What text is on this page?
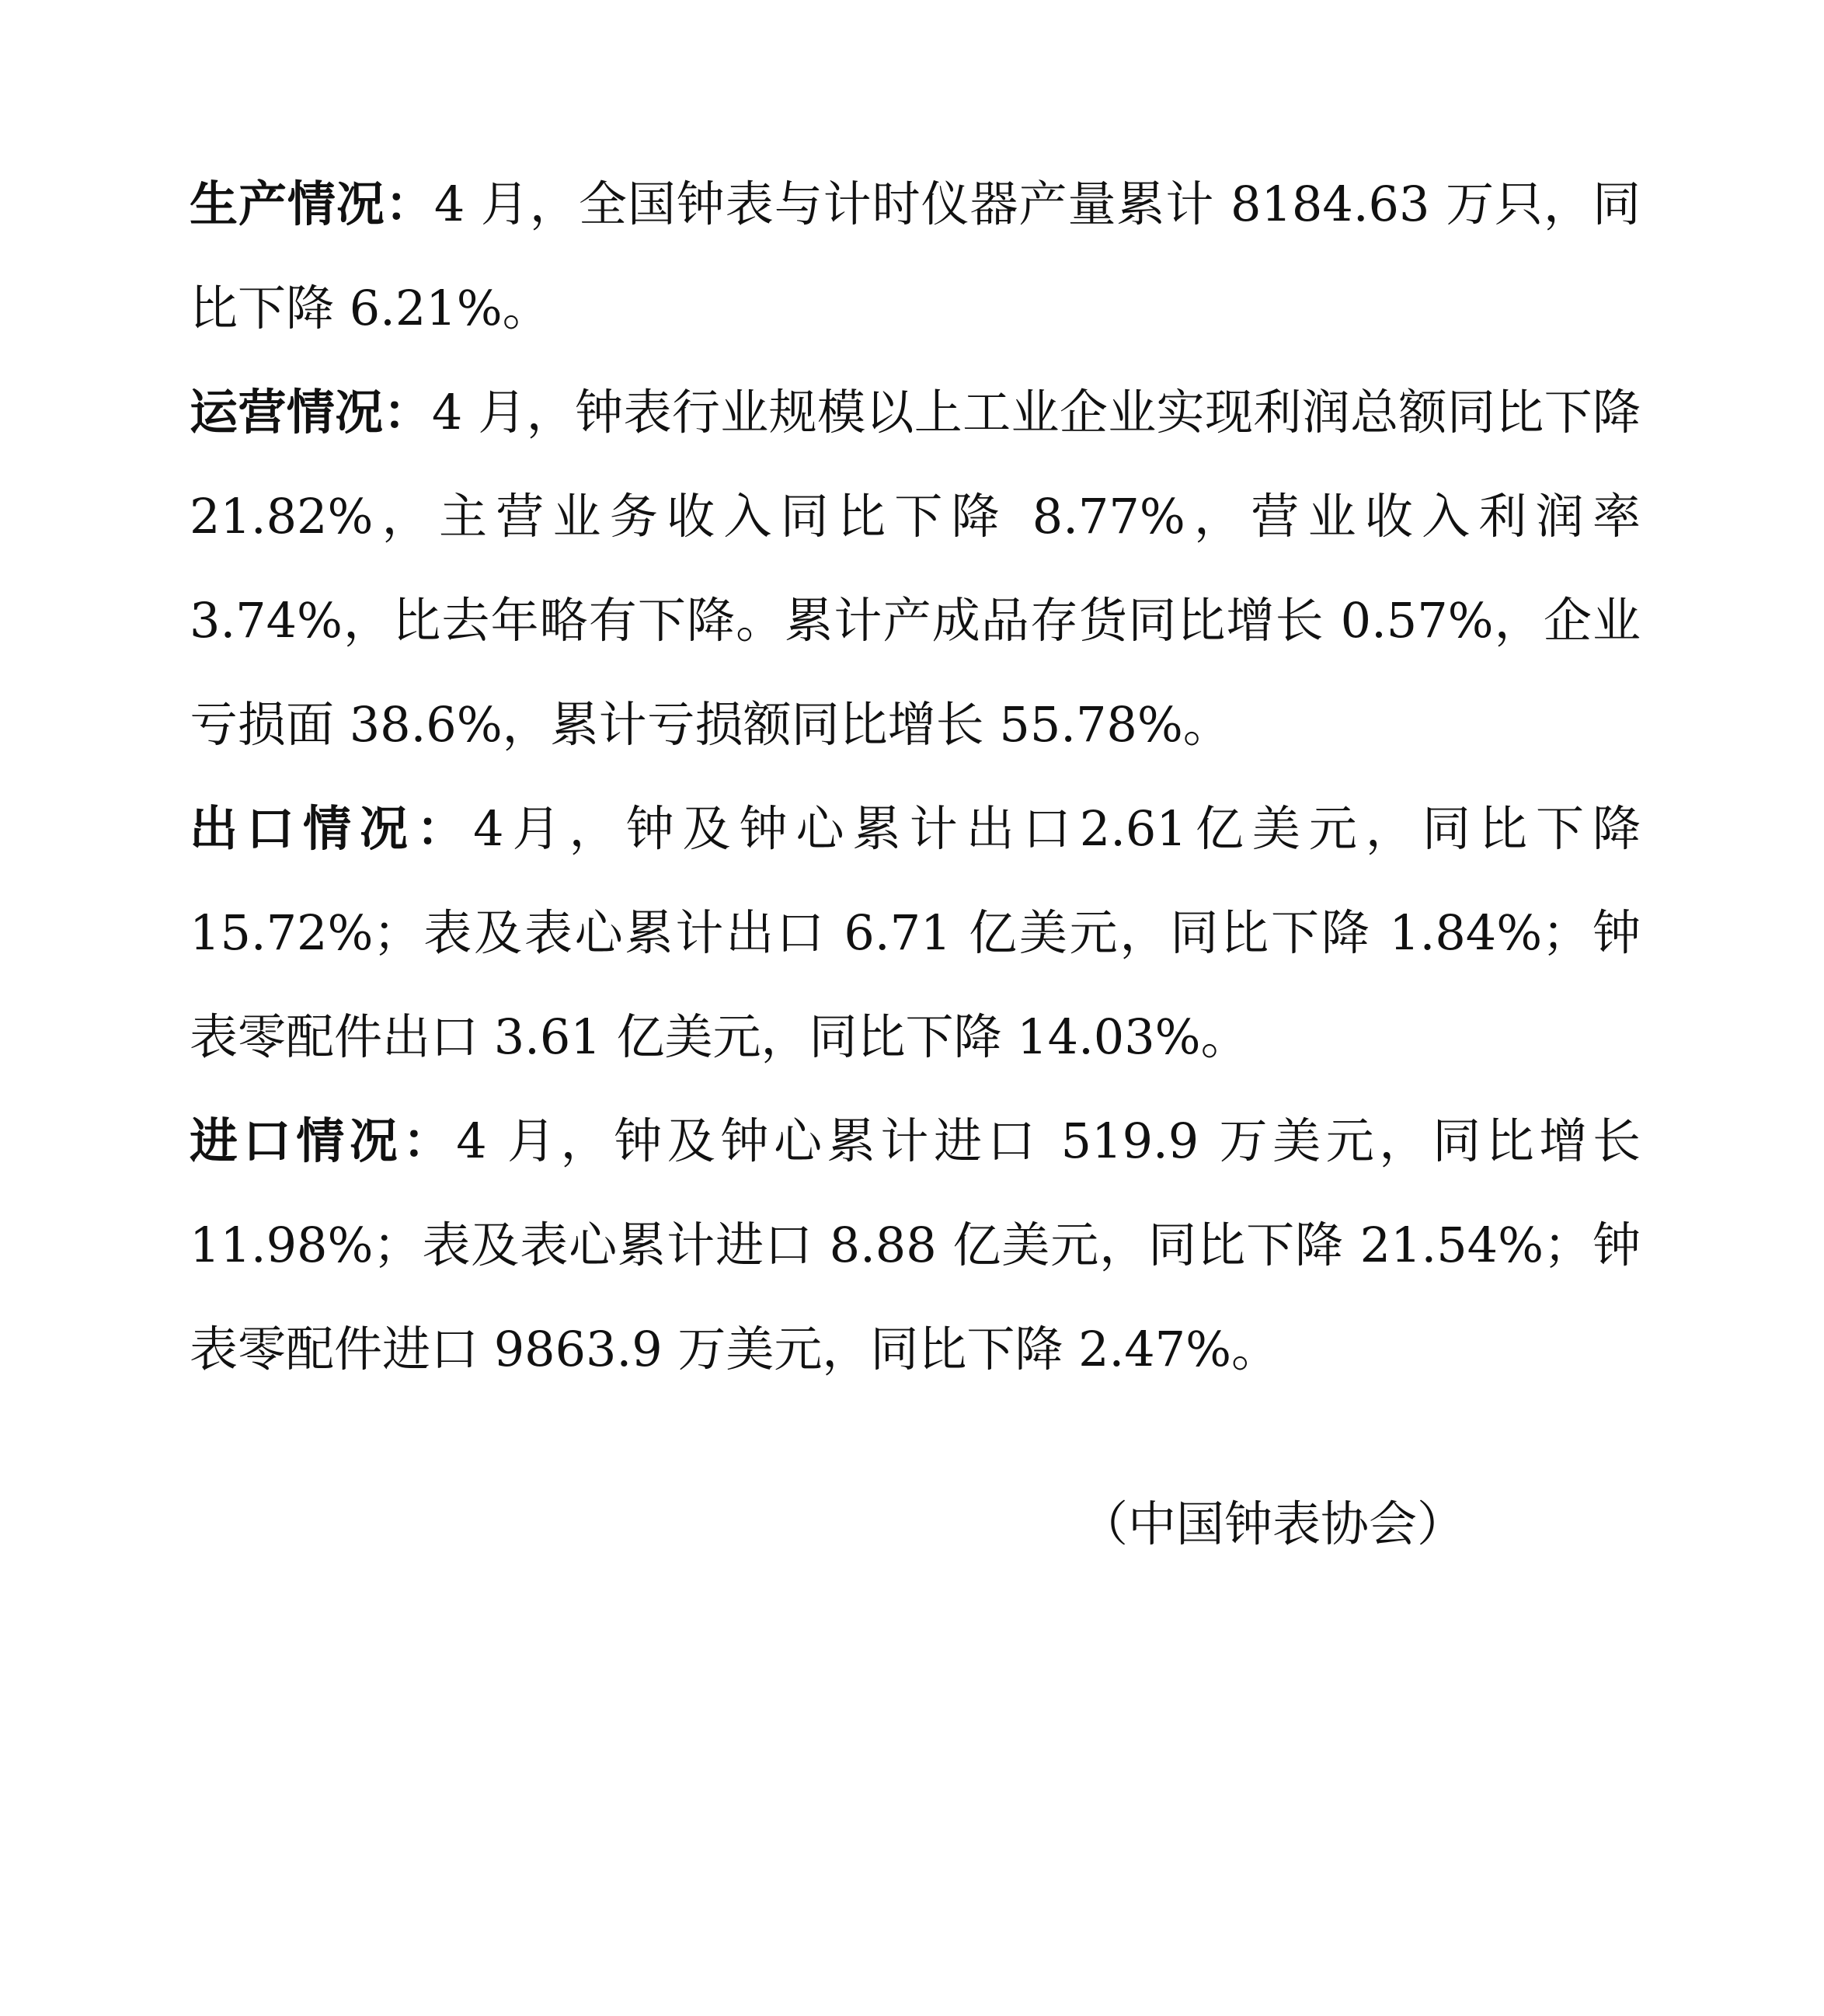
生产情况：4 月，全国钟表与计时仪器产量累计 8184.63 万只，同比下降 6.21%。

运营情况：4 月，钟表行业规模以上工业企业实现利润总额同比下降 21.82%，主营业务收入同比下降 8.77%，营业收入利润率 3.74%，比去年略有下降。累计产成品存货同比增长 0.57%，企业亏损面 38.6%，累计亏损额同比增长 55.78%。

出口情况：4月，钟及钟心累计出口2.61亿美元，同比下降15.72%；表及表心累计出口 6.71 亿美元，同比下降 1.84%；钟表零配件出口 3.61 亿美元，同比下降 14.03%。

进口情况：4 月，钟及钟心累计进口 519.9 万美元，同比增长 11.98%；表及表心累计进口 8.88 亿美元，同比下降 21.54%；钟表零配件进口 9863.9 万美元，同比下降 2.47%。

（中国钟表协会）
